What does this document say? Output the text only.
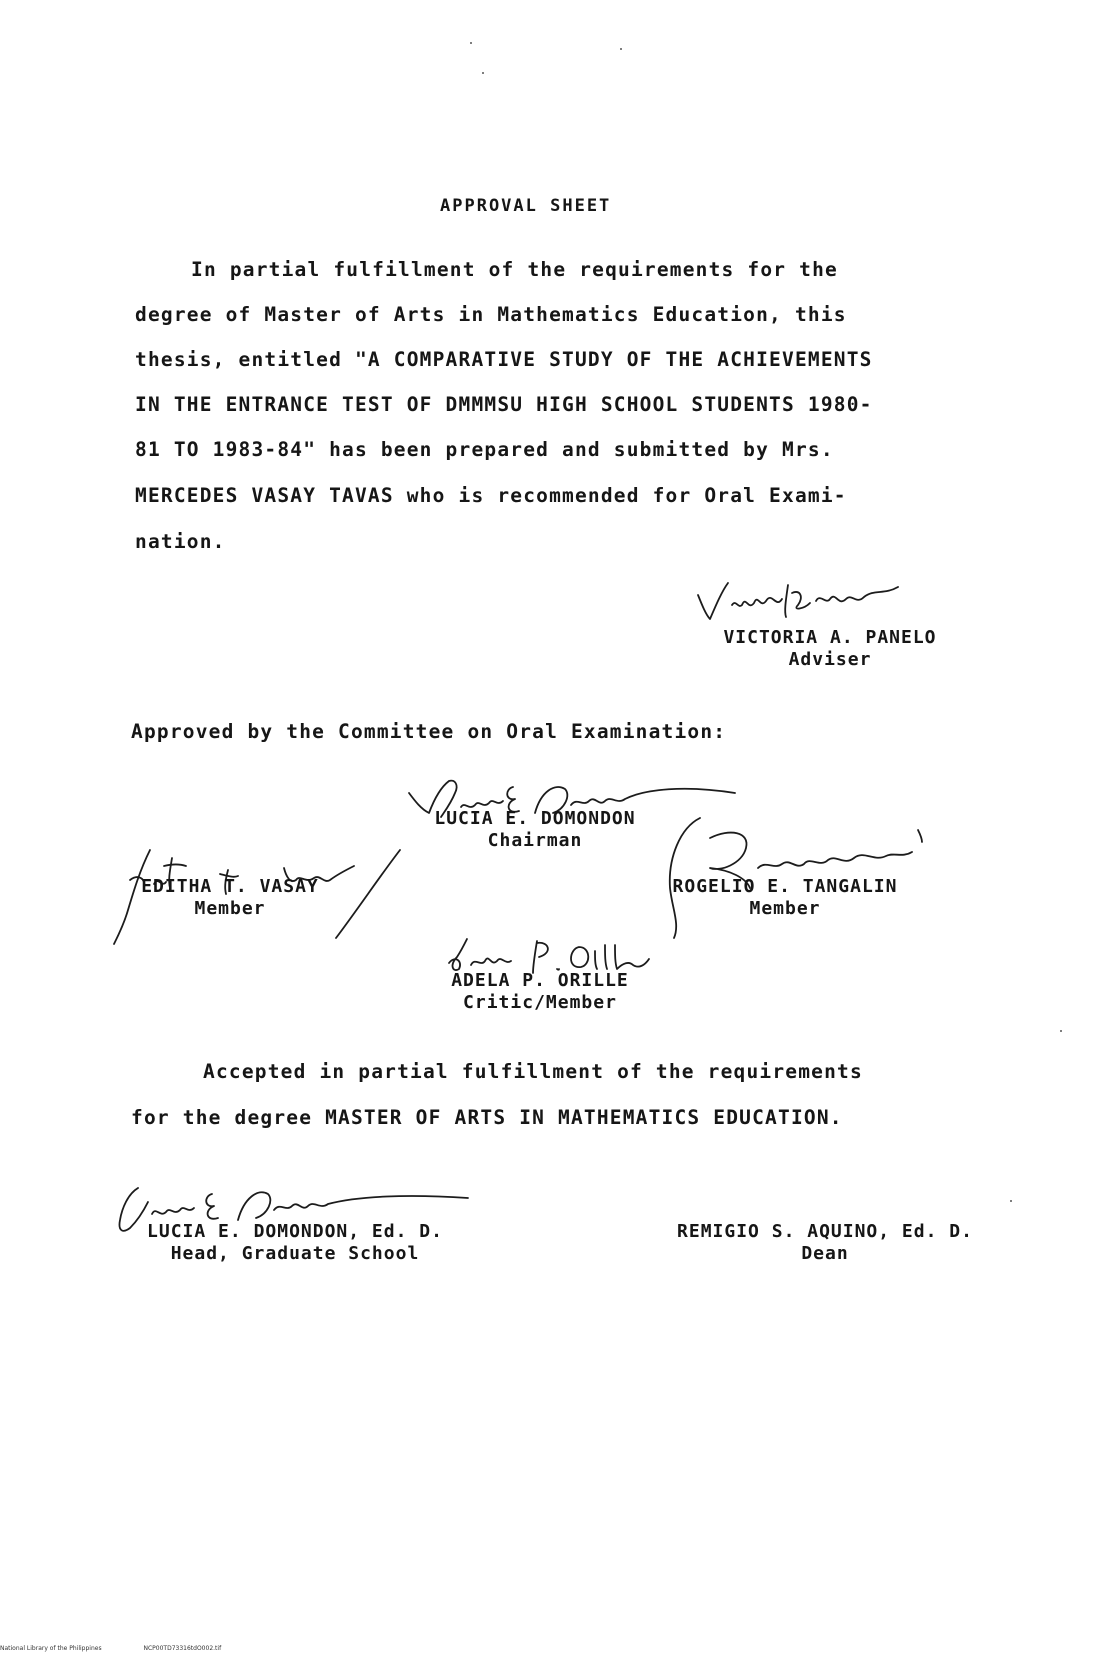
APPROVAL SHEET
In partial fulfillment of the requirements for the
degree of Master of Arts in Mathematics Education, this
thesis, entitled "A COMPARATIVE STUDY OF THE ACHIEVEMENTS
IN THE ENTRANCE TEST OF DMMMSU HIGH SCHOOL STUDENTS 1980-
81 TO 1983-84" has been prepared and submitted by Mrs.
MERCEDES VASAY TAVAS who is recommended for Oral Exami-
nation.
VICTORIA A. PANELO
Adviser
Approved by the Committee on Oral Examination:
LUCIA E. DOMONDON
Chairman
EDITHA T. VASAY
Member
ROGELIO E. TANGALIN
Member
ADELA P. ORILLE
Critic/Member
Accepted in partial fulfillment of the requirements
for the degree MASTER OF ARTS IN MATHEMATICS EDUCATION.
LUCIA E. DOMONDON, Ed. D.
Head, Graduate School
REMIGIO S. AQUINO, Ed. D.
Dean
National Library of the Philippines	NCP00TD73316tdO002.tif
